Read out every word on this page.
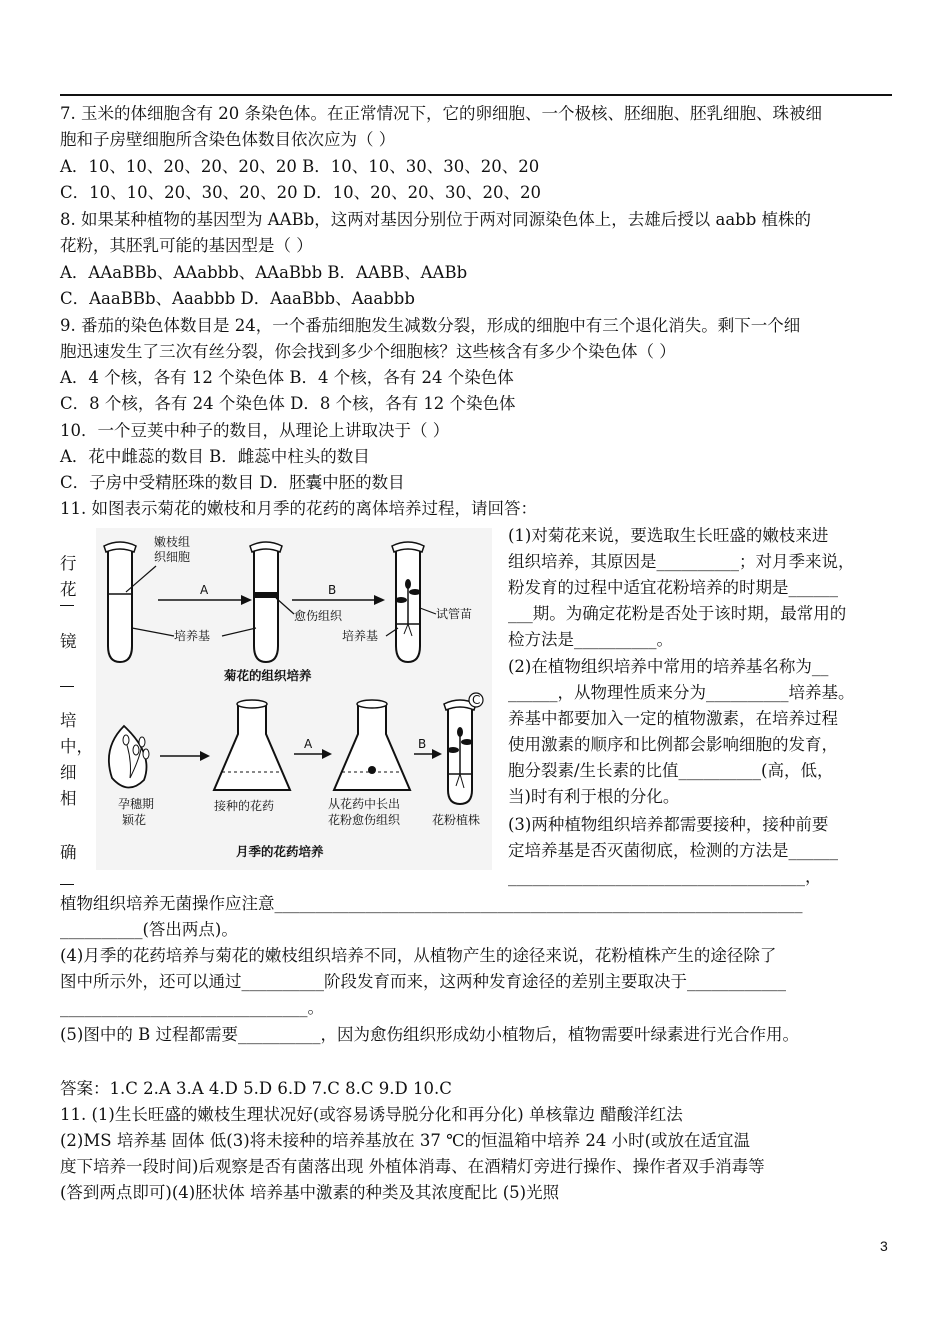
7. 玉米的体细胞含有 20 条染色体。在正常情况下，它的卵细胞、一个极核、胚细胞、胚乳细胞、珠被细
胞和子房壁细胞所含染色体数目依次应为（ ）
A．10、10、20、20、20、20 B．10、10、30、30、20、20
C．10、10、20、30、20、20 D．10、20、20、30、20、20
8. 如果某种植物的基因型为 AABb，这两对基因分别位于两对同源染色体上，去雄后授以 aabb 植株的
花粉，其胚乳可能的基因型是（ ）
A．AAaBBb、AAabbb、AAaBbb B．AABB、AABb
C．AaaBBb、Aaabbb D．AaaBbb、Aaabbb
9. 番茄的染色体数目是 24，一个番茄细胞发生减数分裂，形成的细胞中有三个退化消失。剩下一个细
胞迅速发生了三次有丝分裂，你会找到多少个细胞核？这些核含有多少个染色体（ ）
A．4 个核，各有 12 个染色体 B．4 个核，各有 24 个染色体
C．8 个核，各有 24 个染色体 D．8 个核，各有 12 个染色体
10．一个豆荚中种子的数目，从理论上讲取决于（ ）
A．花中雌蕊的数目 B．雌蕊中柱头的数目
C．子房中受精胚珠的数目 D．胚囊中胚的数目
11. 如图表示菊花的嫩枝和月季的花药的离体培养过程，请回答：
行
花
镜
培
中，
细
相
确
(1)对菊花来说，要选取生长旺盛的嫩枝来进
组织培养，其原因是__________；对月季来说，
粉发育的过程中适宜花粉培养的时期是______
___期。为确定花粉是否处于该时期，最常用的
检方法是__________。
(2)在植物组织培养中常用的培养基名称为__
______，从物理性质来分为__________培养基。
养基中都要加入一定的植物激素，在培养过程
使用激素的顺序和比例都会影响细胞的发育，
胞分裂素/生长素的比值__________(高，低，
当)时有利于根的分化。
(3)两种植物组织培养都需要接种，接种前要
定培养基是否灭菌彻底，检测的方法是______
____________________________________，
嫩枝组
织细胞
A	B
愈伤组织	试管苗
培养基	培养基
菊花的组织培养
孕穗期
颖花
接种的花药
A
从花药中长出
花粉愈伤组织
B
C
花粉植株
月季的花药培养
植物组织培养无菌操作应注意________________________________________________________________
__________(答出两点)。
(4)月季的花药培养与菊花的嫩枝组织培养不同，从植物产生的途径来说，花粉植株产生的途径除了
图中所示外，还可以通过__________阶段发育而来，这两种发育途径的差别主要取决于____________
______________________________。
(5)图中的 B 过程都需要__________，因为愈伤组织形成幼小植物后，植物需要叶绿素进行光合作用。
答案：1.C 2.A 3.A 4.D 5.D 6.D 7.C 8.C 9.D 10.C
11. (1)生长旺盛的嫩枝生理状况好(或容易诱导脱分化和再分化) 单核靠边 醋酸洋红法
(2)MS 培养基 固体 低(3)将未接种的培养基放在 37 ℃的恒温箱中培养 24 小时(或放在适宜温
度下培养一段时间)后观察是否有菌落出现 外植体消毒、在酒精灯旁进行操作、操作者双手消毒等
(答到两点即可)(4)胚状体 培养基中激素的种类及其浓度配比 (5)光照
3
